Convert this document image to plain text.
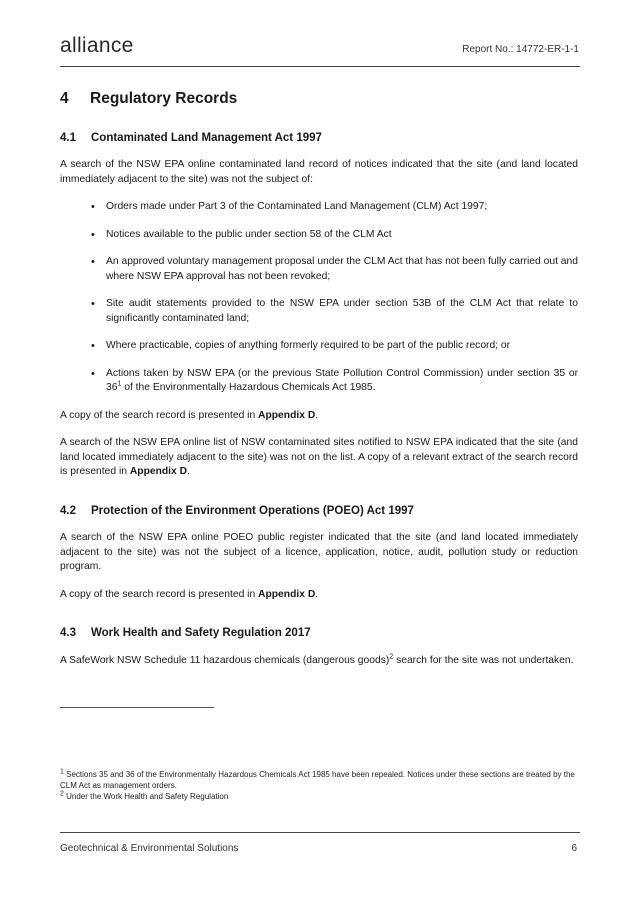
alliance	Report No.: 14772-ER-1-1
4	Regulatory Records
4.1	Contaminated Land Management Act 1997

A search of the NSW EPA online contaminated land record of notices indicated that the site (and land located immediately adjacent to the site) was not the subject of:

• Orders made under Part 3 of the Contaminated Land Management (CLM) Act 1997;
• Notices available to the public under section 58 of the CLM Act
• An approved voluntary management proposal under the CLM Act that has not been fully carried out and where NSW EPA approval has not been revoked;
• Site audit statements provided to the NSW EPA under section 53B of the CLM Act that relate to significantly contaminated land;
• Where practicable, copies of anything formerly required to be part of the public record; or
• Actions taken by NSW EPA (or the previous State Pollution Control Commission) under section 35 or $36^1$ of the Environmentally Hazardous Chemicals Act 1985.

A copy of the search record is presented in Appendix D.

A search of the NSW EPA online list of NSW contaminated sites notified to NSW EPA indicated that the site (and land located immediately adjacent to the site) was not on the list. A copy of a relevant extract of the search record is presented in Appendix D.

4.2	Protection of the Environment Operations (POEO) Act 1997

A search of the NSW EPA online POEO public register indicated that the site (and land located immediately adjacent to the site) was not the subject of a licence, application, notice, audit, pollution study or reduction program.

A copy of the search record is presented in Appendix D.

4.3	Work Health and Safety Regulation 2017

A SafeWork NSW Schedule 11 hazardous chemicals (dangerous goods)$^2$ search for the site was not undertaken.

$^1$ Sections 35 and 36 of the Environmentally Hazardous Chemicals Act 1985 have been repealed. Notices under these sections are treated by the CLM Act as management orders.
$^2$ Under the Work Health and Safety Regulation
Geotechnical & Environmental Solutions	6
